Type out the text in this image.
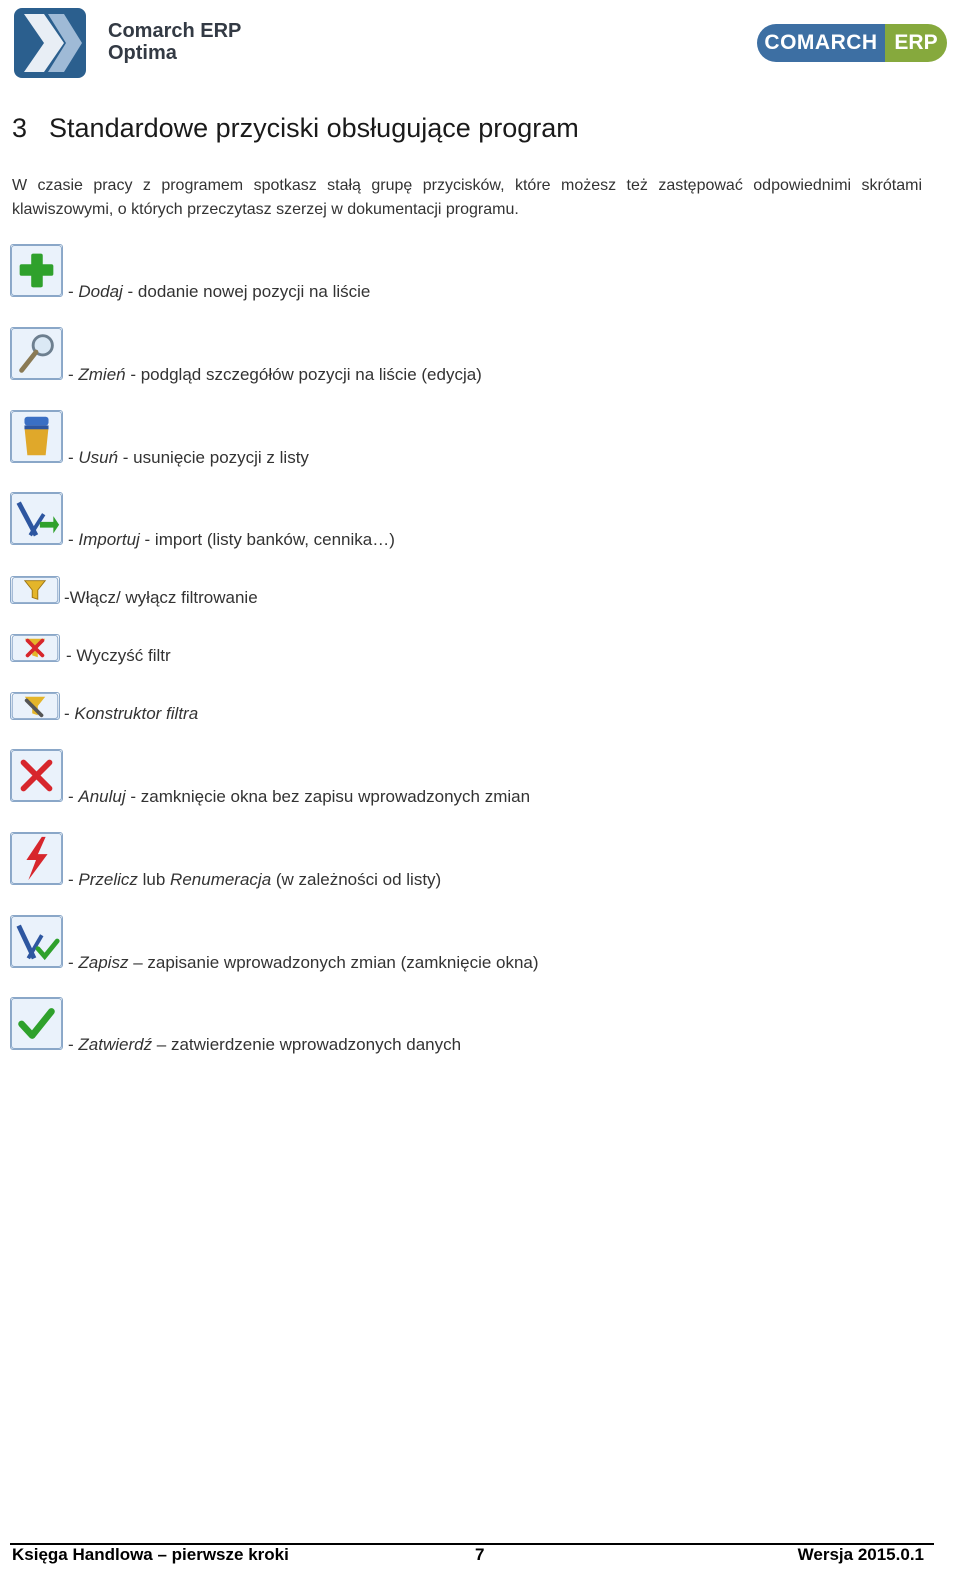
Comarch ERP
Optima	COMARCH ERP
3 Standardowe przyciski obsługujące program

W czasie pracy z programem spotkasz stałą grupę przycisków, które możesz też zastępować odpowiednimi skrótami klawiszowymi, o których przeczytasz szerzej w dokumentacji programu.

- Dodaj - dodanie nowej pozycji na liście
- Zmień - podgląd szczegółów pozycji na liście (edycja)
- Usuń - usunięcie pozycji z listy
- Importuj - import (listy banków, cennika…)
-Włącz/ wyłącz filtrowanie
- Wyczyść filtr
- Konstruktor filtra
- Anuluj - zamknięcie okna bez zapisu wprowadzonych zmian
- Przelicz lub Renumeracja (w zależności od listy)
- Zapisz – zapisanie wprowadzonych zmian (zamknięcie okna)
- Zatwierdź – zatwierdzenie wprowadzonych danych
Księga Handlowa – pierwsze kroki	7	Wersja 2015.0.1
